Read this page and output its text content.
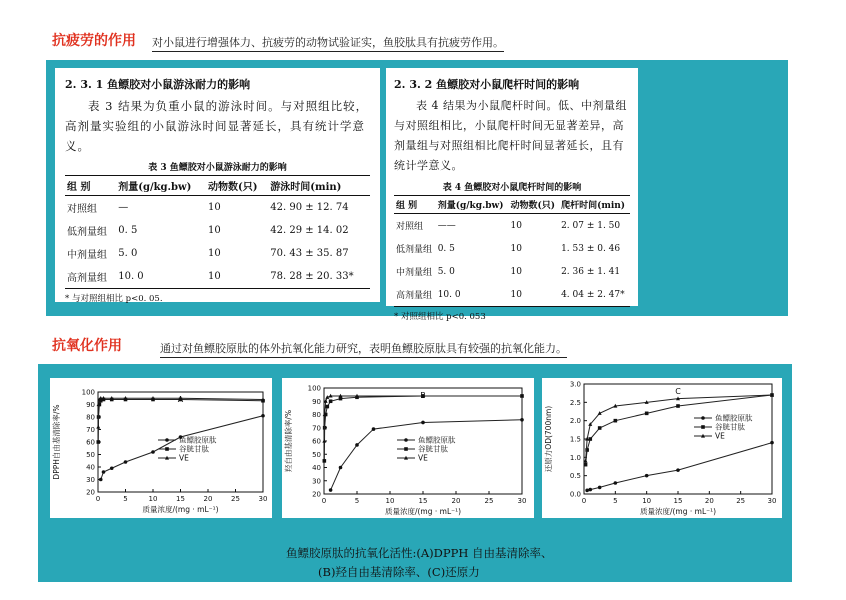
抗疲劳的作用 对小鼠进行增强体力、抗疲劳的动物试验证实，鱼胶肽具有抗疲劳作用。

2. 3. 1 鱼鳔胶对小鼠游泳耐力的影响

表 3 结果为负重小鼠的游泳时间。与对照组比较，高剂量实验组的小鼠游泳时间显著延长，具有统计学意义。

表 3 鱼鳔胶对小鼠游泳耐力的影响
组 别	剂量(g/kg.bw)	动物数(只)	游泳时间(min)
对照组	—	10	42. 90 ± 12. 74
低剂量组	0. 5	10	42. 29 ± 14. 02
中剂量组	5. 0	10	70. 43 ± 35. 87
高剂量组	10. 0	10	78. 28 ± 20. 33*
* 与对照组相比 p<0. 05.

2. 3. 2 鱼鳔胶对小鼠爬杆时间的影响

表 4 结果为小鼠爬杆时间。低、中剂量组与对照组相比，小鼠爬杆时间无显著差异，高剂量组与对照组相比爬杆时间显著延长，且有统计学意义。

表 4 鱼鳔胶对小鼠爬杆时间的影响
组 别	剂量(g/kg.bw)	动物数(只)	爬杆时间(min)
对照组	——	10	2. 07 ± 1. 50
低剂量组	0. 5	10	1. 53 ± 0. 46
中剂量组	5. 0	10	2. 36 ± 1. 41
高剂量组	10. 0	10	4. 04 ± 2. 47*
* 对照组相比 p<0. 053
抗氧化作用	通过对鱼鳔胶原肽的体外抗氧化能力研究，表明鱼鳔胶原肽具有较强的抗氧化能力。
0	5	10	15	20	25	30
20
30
40
50
60
70
80
90
100
质量浓度/(mg · mL⁻¹)
DPPH自由基清除率/%	鱼鳔胶原肽
谷胱甘肽
VE
0	5	10	15	20	25	30
20
30
40
50
60
70
80
90
100
质量浓度/(mg · mL⁻¹)
羟自由基清除率/%	鱼鳔胶原肽
谷胱甘肽
VE
0	5	10	15	20	25	30
0.0
0.5
1.0
1.5
2.0
2.5
3.0
C
质量浓度/(mg · mL⁻¹)
还原力OD(700nm)	鱼鳔胶原肽
谷胱甘肽
VE
鱼鳔胶原肽的抗氧化活性:(A)DPPH 自由基清除率、
(B)羟自由基清除率、(C)还原力
